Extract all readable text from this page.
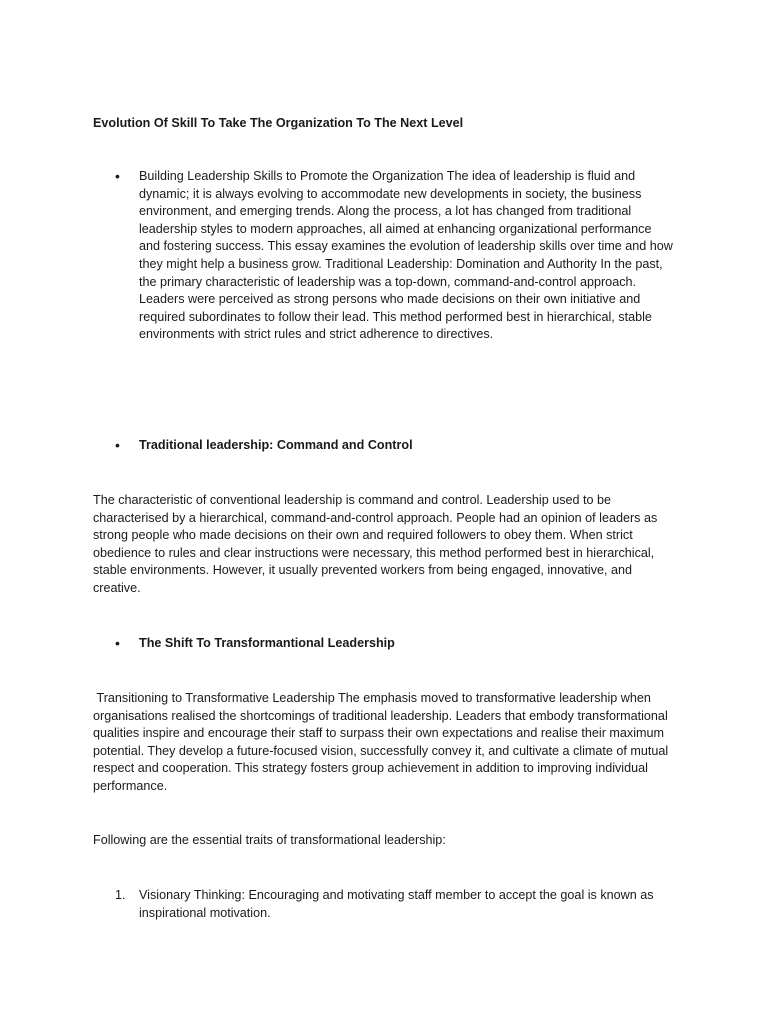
Evolution Of Skill To Take The Organization To The Next Level
•	Building Leadership Skills to Promote the Organization The idea of leadership is fluid and dynamic; it is always evolving to accommodate new developments in society, the business environment, and emerging trends. Along the process, a lot has changed from traditional leadership styles to modern approaches, all aimed at enhancing organizational performance and fostering success. This essay examines the evolution of leadership skills over time and how they might help a business grow. Traditional Leadership: Domination and Authority In the past, the primary characteristic of leadership was a top-down, command-and-control approach. Leaders were perceived as strong persons who made decisions on their own initiative and required subordinates to follow their lead. This method performed best in hierarchical, stable environments with strict rules and strict adherence to directives.
•	Traditional leadership: Command and Control
The characteristic of conventional leadership is command and control. Leadership used to be characterised by a hierarchical, command-and-control approach. People had an opinion of leaders as strong people who made decisions on their own and required followers to obey them. When strict obedience to rules and clear instructions were necessary, this method performed best in hierarchical, stable environments. However, it usually prevented workers from being engaged, innovative, and creative.
•	The Shift To Transformantional Leadership
Transitioning to Transformative Leadership The emphasis moved to transformative leadership when organisations realised the shortcomings of traditional leadership. Leaders that embody transformational qualities inspire and encourage their staff to surpass their own expectations and realise their maximum potential. They develop a future-focused vision, successfully convey it, and cultivate a climate of mutual respect and cooperation. This strategy fosters group achievement in addition to improving individual performance.
Following are the essential traits of transformational leadership:
1.	Visionary Thinking: Encouraging and motivating staff member to accept the goal is known as inspirational motivation.
